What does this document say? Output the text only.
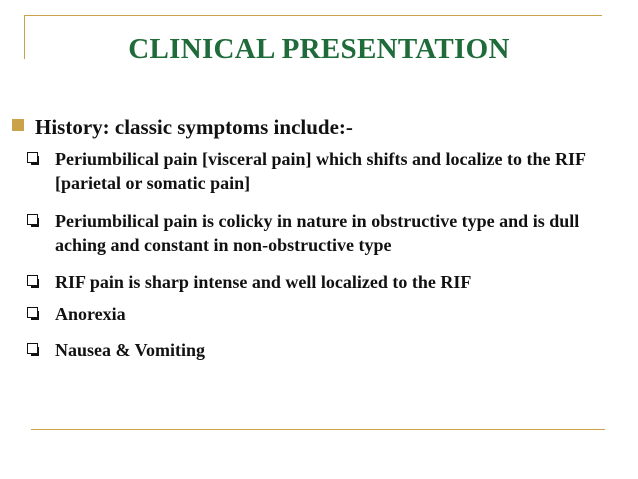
CLINICAL PRESENTATION
History: classic symptoms include:-
Periumbilical pain [visceral pain] which shifts and localize to the RIF [parietal or somatic pain]
Periumbilical pain is colicky in nature in obstructive type and is dull aching and constant in non-obstructive type
RIF pain is sharp intense and well localized to the RIF
Anorexia
Nausea & Vomiting
